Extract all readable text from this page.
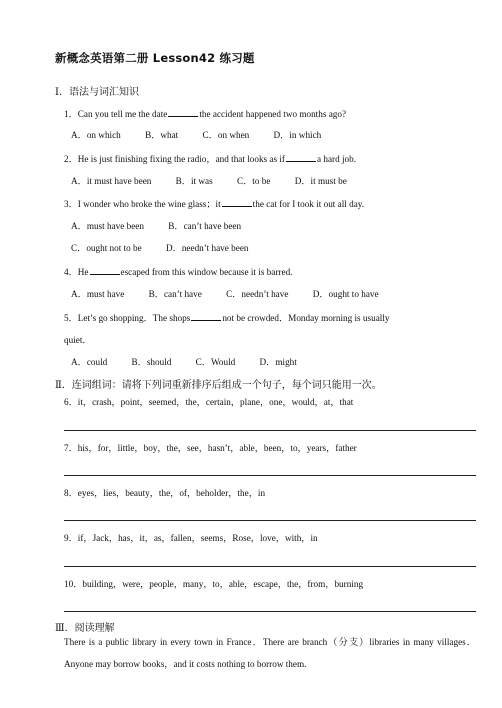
新概念英语第二册 Lesson42 练习题
Ⅰ．语法与词汇知识
1．Can you tell me the date	the accident happened two months ago?
A．on which	B．what	C．on when	D．in which
2．He is just finishing fixing the radio，and that looks as if	a hard job.
A．it must have been	B．it was	C．to be	D．it must be
3．I wonder who broke the wine glass；it	the cat for I took it out all day.
A．must have been	B．can’t have been
C．ought not to be	D．needn’t have been
4．He	escaped from this window because it is barred.
A．must have	B．can’t have	C．needn’t have	D．ought to have
5．Let’s go shopping．The shops	not be crowded．Monday morning is usually
quiet．
A．could	B．should	C．Would	D．might
Ⅱ．连词组词：请将下列词重新排序后组成一个句子，每个词只能用一次。
6．it，crash，point，seemed，the，certain，plane，one，would，at，that
7．his，for，little，boy，the，see，hasn’t，able，been，to，years，father
8．eyes，lies，beauty，the，of，beholder，the，in
9．if，Jack，has，it，as，fallen，seems，Rose，love，with，in
10．building，were，people，many，to，able，escape，the，from，burning
Ⅲ．阅读理解
There is a public library in every town in France．There are branch（分支）libraries in many villages．Anyone may borrow books，and it costs nothing to borrow them.
